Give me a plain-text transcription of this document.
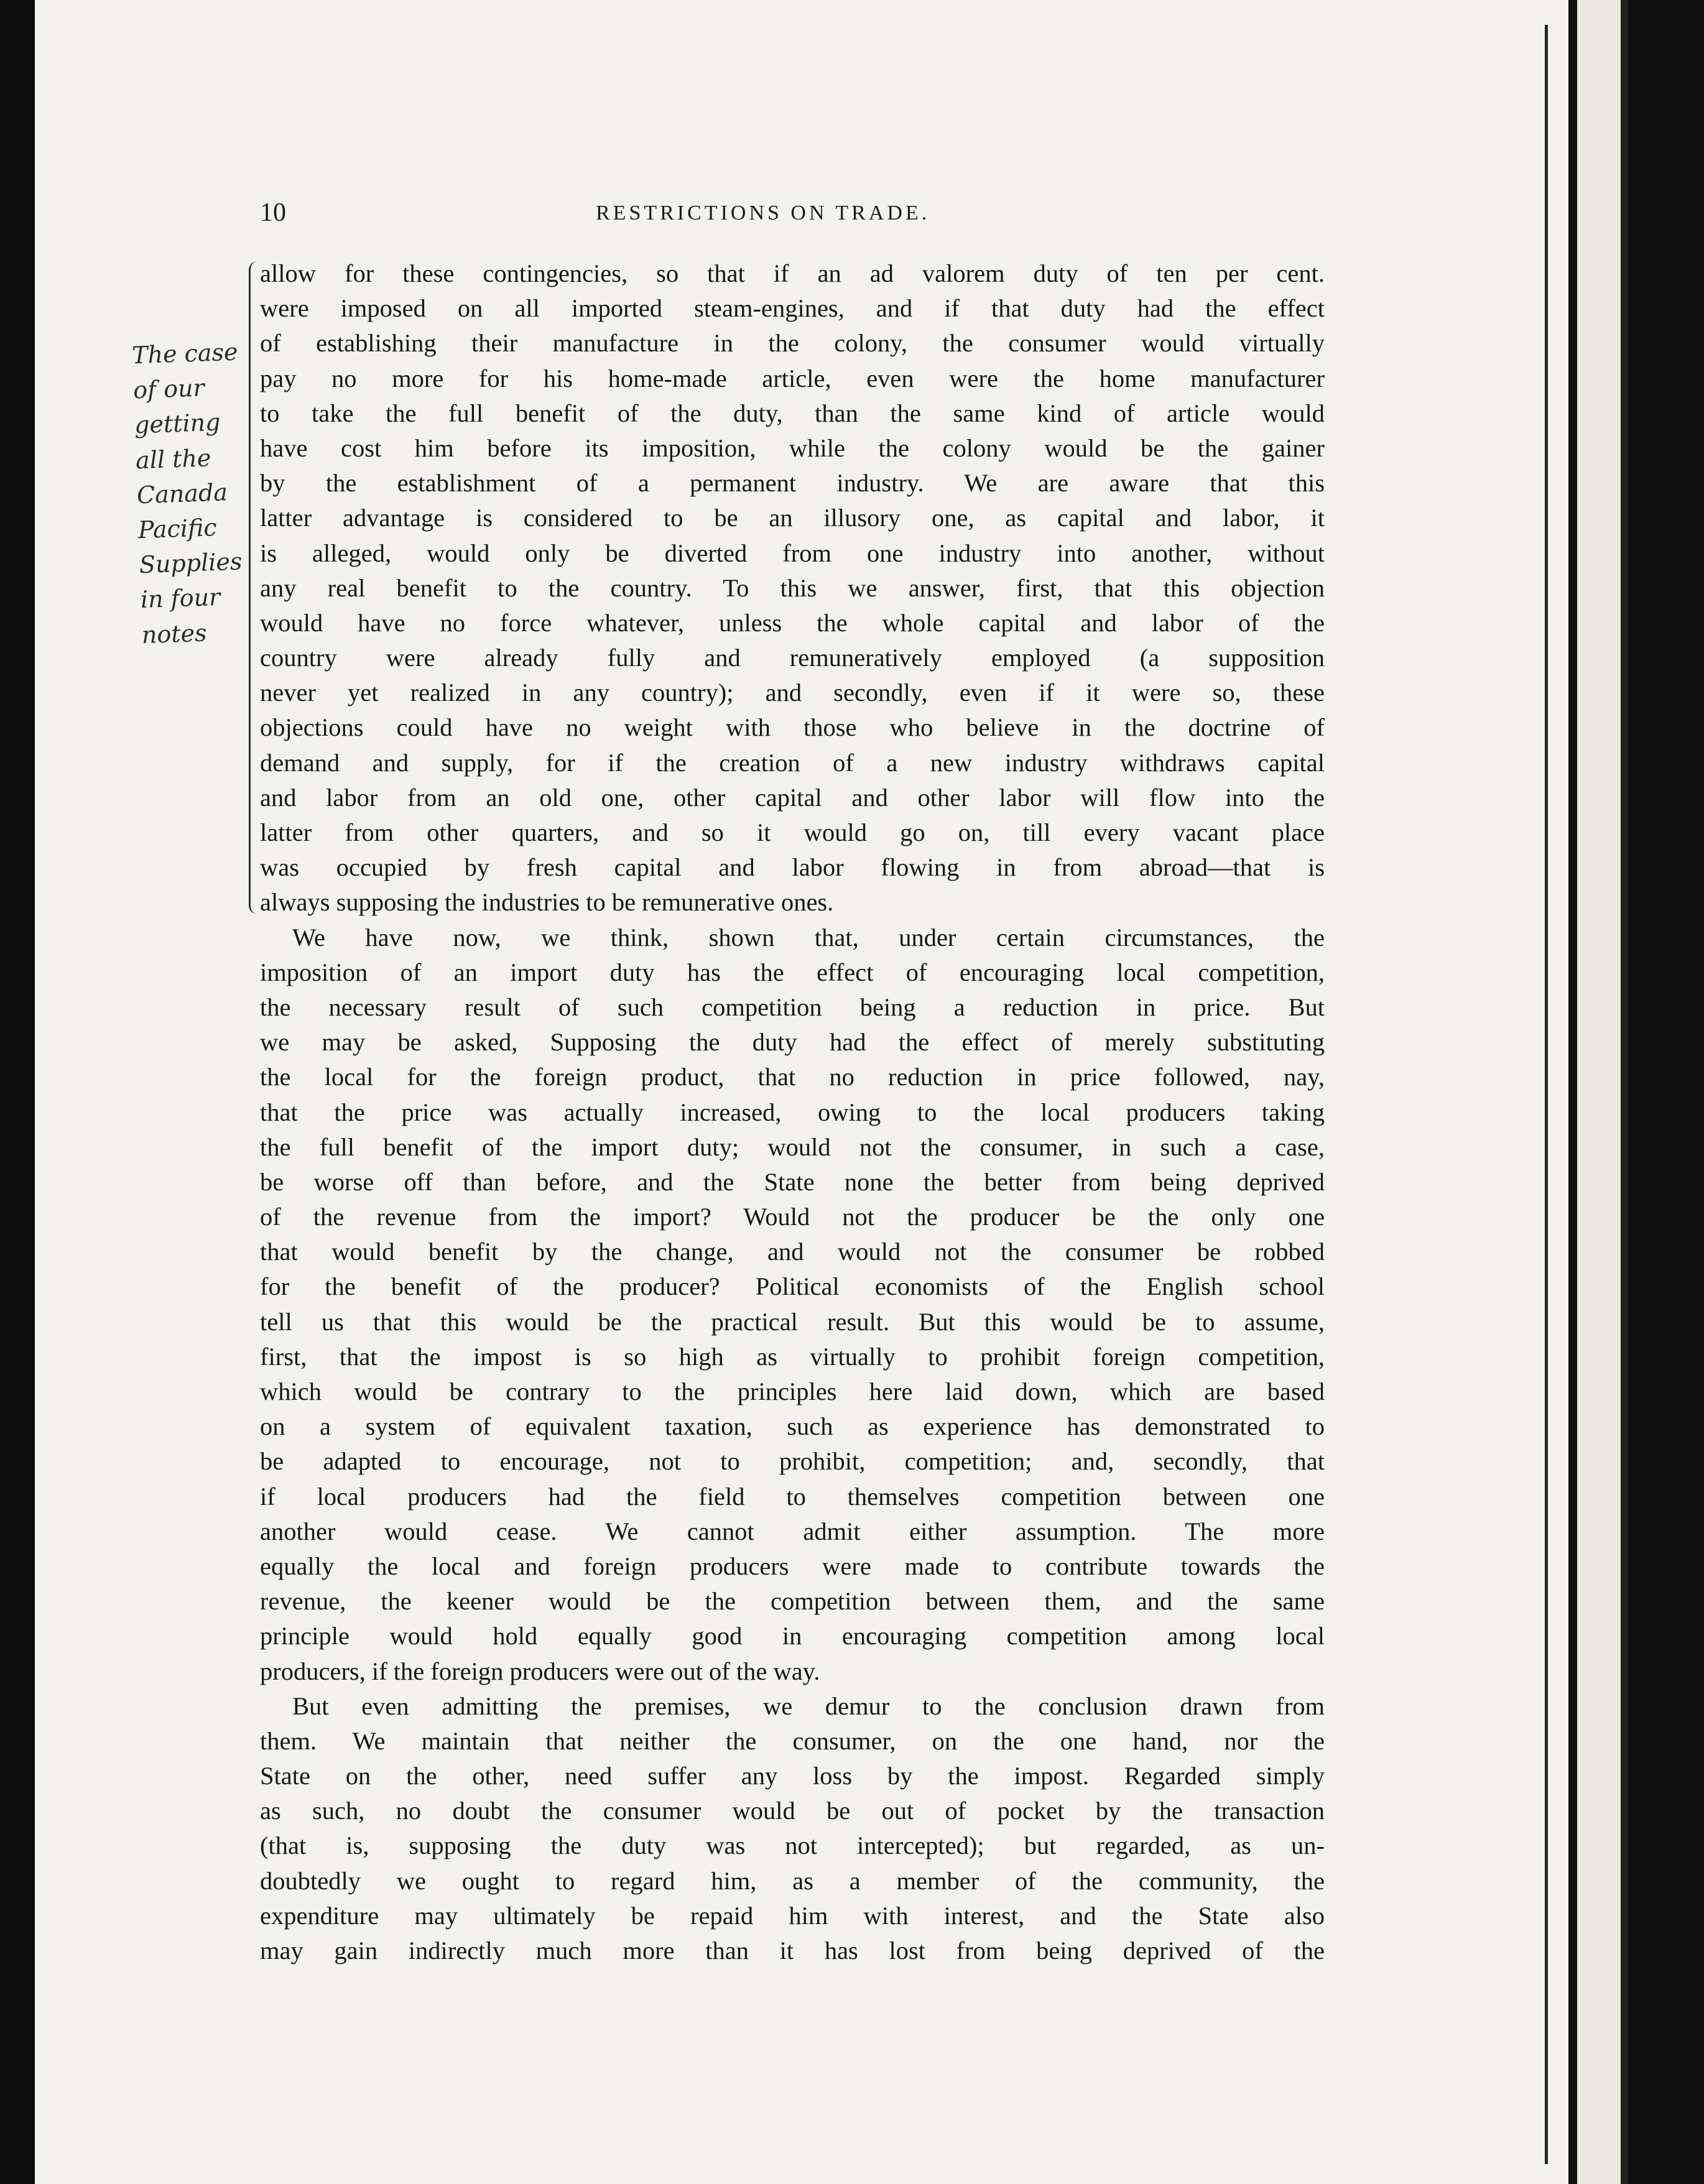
10	RESTRICTIONS ON TRADE.
The case
of our
getting
all the
Canada
Pacific
Supplies
in four
notes
allow for these contingencies, so that if an ad valorem duty of ten per cent.
were imposed on all imported steam-engines, and if that duty had the effect
of establishing their manufacture in the colony, the consumer would virtually
pay no more for his home-made article, even were the home manufacturer
to take the full benefit of the duty, than the same kind of article would
have cost him before its imposition, while the colony would be the gainer
by the establishment of a permanent industry. We are aware that this
latter advantage is considered to be an illusory one, as capital and labor, it
is alleged, would only be diverted from one industry into another, without
any real benefit to the country. To this we answer, first, that this objection
would have no force whatever, unless the whole capital and labor of the
country were already fully and remuneratively employed (a supposition
never yet realized in any country); and secondly, even if it were so, these
objections could have no weight with those who believe in the doctrine of
demand and supply, for if the creation of a new industry withdraws capital
and labor from an old one, other capital and other labor will flow into the
latter from other quarters, and so it would go on, till every vacant place
was occupied by fresh capital and labor flowing in from abroad—that is
always supposing the industries to be remunerative ones.
We have now, we think, shown that, under certain circumstances, the
imposition of an import duty has the effect of encouraging local competition,
the necessary result of such competition being a reduction in price. But
we may be asked, Supposing the duty had the effect of merely substituting
the local for the foreign product, that no reduction in price followed, nay,
that the price was actually increased, owing to the local producers taking
the full benefit of the import duty; would not the consumer, in such a case,
be worse off than before, and the State none the better from being deprived
of the revenue from the import? Would not the producer be the only one
that would benefit by the change, and would not the consumer be robbed
for the benefit of the producer? Political economists of the English school
tell us that this would be the practical result. But this would be to assume,
first, that the impost is so high as virtually to prohibit foreign competition,
which would be contrary to the principles here laid down, which are based
on a system of equivalent taxation, such as experience has demonstrated to
be adapted to encourage, not to prohibit, competition; and, secondly, that
if local producers had the field to themselves competition between one
another would cease. We cannot admit either assumption. The more
equally the local and foreign producers were made to contribute towards the
revenue, the keener would be the competition between them, and the same
principle would hold equally good in encouraging competition among local
producers, if the foreign producers were out of the way.
But even admitting the premises, we demur to the conclusion drawn from
them. We maintain that neither the consumer, on the one hand, nor the
State on the other, need suffer any loss by the impost. Regarded simply
as such, no doubt the consumer would be out of pocket by the transaction
(that is, supposing the duty was not intercepted); but regarded, as un-
doubtedly we ought to regard him, as a member of the community, the
expenditure may ultimately be repaid him with interest, and the State also
may gain indirectly much more than it has lost from being deprived of the
